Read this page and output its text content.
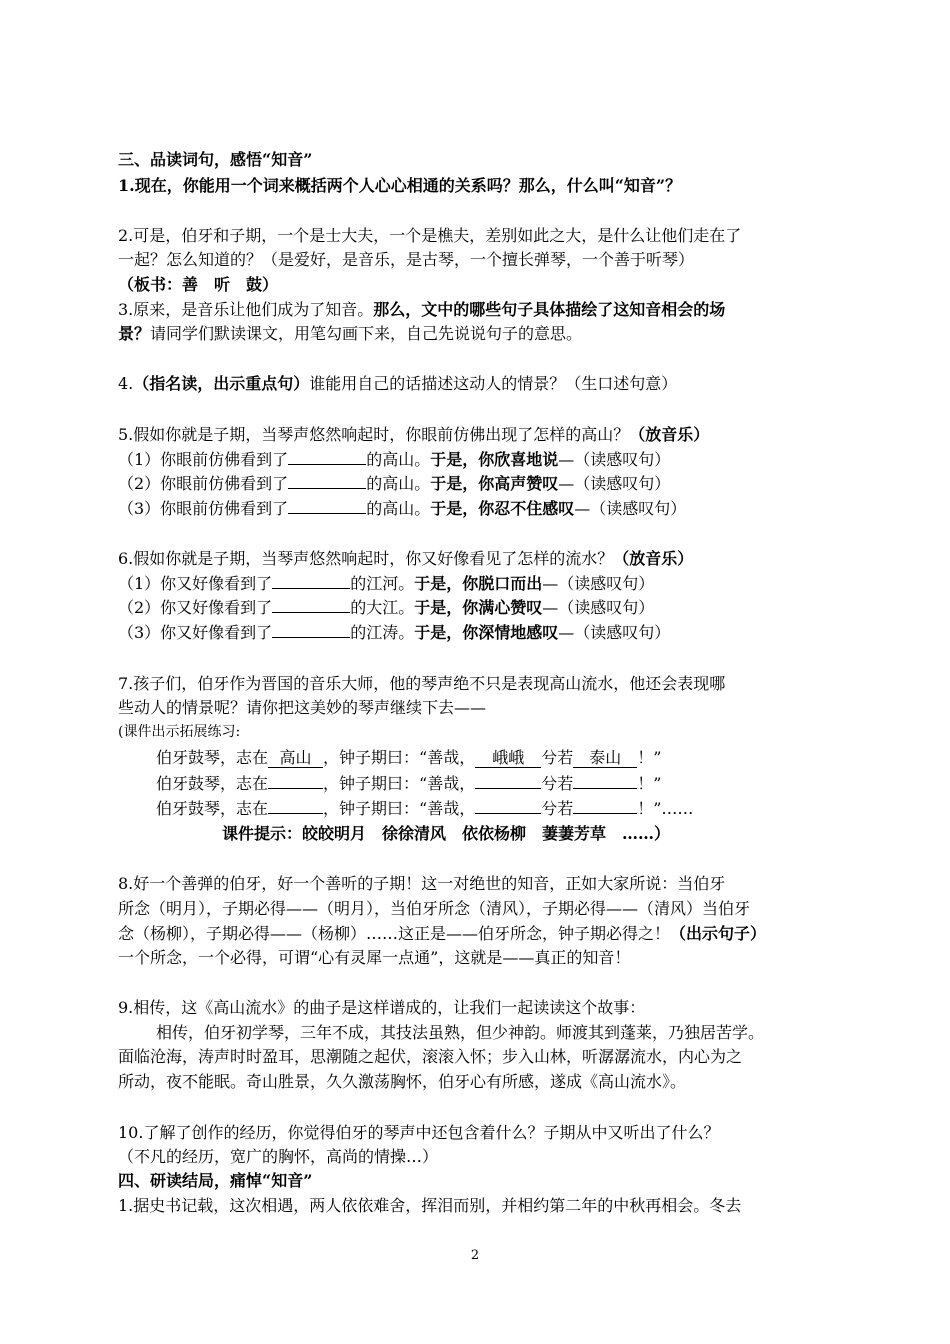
三、品读词句，感悟“知音”
1.现在，你能用一个词来概括两个人心心相通的关系吗？那么，什么叫“知音”？
2.可是，伯牙和子期，一个是士大夫，一个是樵夫，差别如此之大，是什么让他们走在了
一起？怎么知道的？（是爱好，是音乐，是古琴，一个擅长弹琴，一个善于听琴）
（板书：善　听　鼓）
3.原来，是音乐让他们成为了知音。那么，文中的哪些句子具体描绘了这知音相会的场
景？请同学们默读课文，用笔勾画下来，自己先说说句子的意思。
4.（指名读，出示重点句）谁能用自己的话描述这动人的情景？（生口述句意）
5.假如你就是子期，当琴声悠然响起时，你眼前仿佛出现了怎样的高山？（放音乐）
（1）你眼前仿佛看到了	的高山。于是，你欣喜地说—（读感叹句）
（2）你眼前仿佛看到了	的高山。于是，你高声赞叹—（读感叹句）
（3）你眼前仿佛看到了	的高山。于是，你忍不住感叹—（读感叹句）
6.假如你就是子期，当琴声悠然响起时，你又好像看见了怎样的流水？（放音乐）
（1）你又好像看到了	的江河。于是，你脱口而出—（读感叹句）
（2）你又好像看到了	的大江。于是，你满心赞叹—（读感叹句）
（3）你又好像看到了	的江涛。于是，你深情地感叹—（读感叹句）
7.孩子们，伯牙作为晋国的音乐大师，他的琴声绝不只是表现高山流水，他还会表现哪
些动人的情景呢？请你把这美妙的琴声继续下去——
(课件出示拓展练习:
伯牙鼓琴，志在 高山 ，钟子期曰：“善哉， 峨峨 兮若 泰山 ！”
伯牙鼓琴，志在	，钟子期曰：“善哉，	兮若	！”
伯牙鼓琴，志在	，钟子期曰：“善哉，	兮若	！”……
课件提示：皎皎明月　徐徐清风　依依杨柳　萋萋芳草　……）
8.好一个善弹的伯牙，好一个善听的子期！这一对绝世的知音，正如大家所说：当伯牙
所念（明月），子期必得——（明月），当伯牙所念（清风），子期必得——（清风）当伯牙
念（杨柳），子期必得——（杨柳）……这正是——伯牙所念，钟子期必得之！（出示句子）
一个所念，一个必得，可谓“心有灵犀一点通”，这就是——真正的知音！
9.相传，这《高山流水》的曲子是这样谱成的，让我们一起读读这个故事：
相传，伯牙初学琴，三年不成，其技法虽熟，但少神韵。师渡其到蓬莱，乃独居苦学。
面临沧海，涛声时时盈耳，思潮随之起伏，滚滚入怀；步入山林，听潺潺流水，内心为之
所动，夜不能眠。奇山胜景，久久激荡胸怀，伯牙心有所感，遂成《高山流水》。
10.了解了创作的经历，你觉得伯牙的琴声中还包含着什么？子期从中又听出了什么？
（不凡的经历，宽广的胸怀，高尚的情操…）
四、研读结局，痛悼“知音”
1.据史书记载，这次相遇，两人依依难舍，挥泪而别，并相约第二年的中秋再相会。冬去
2
